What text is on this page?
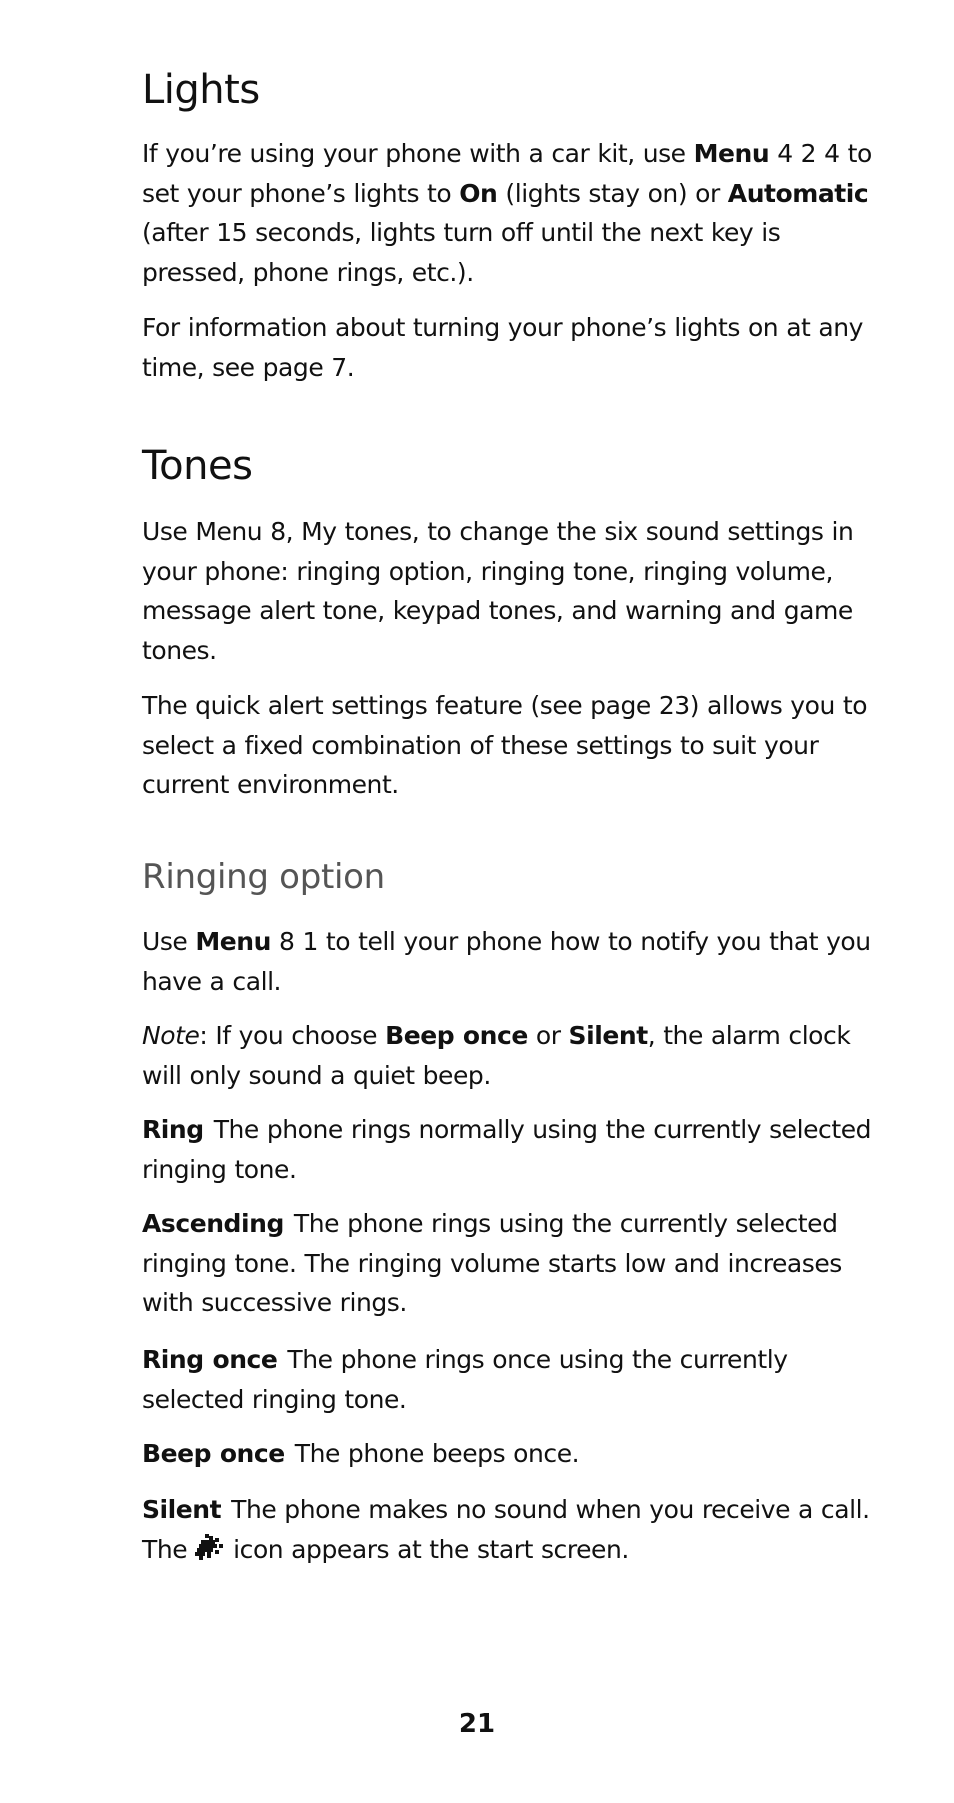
Lights

If you’re using your phone with a car kit, use Menu 4 2 4 to set your phone’s lights to On (lights stay on) or Automatic (after 15 seconds, lights turn off until the next key is pressed, phone rings, etc.).

For information about turning your phone’s lights on at any time, see page 7.

Tones

Use Menu 8, My tones, to change the six sound settings in your phone: ringing option, ringing tone, ringing volume, message alert tone, keypad tones, and warning and game tones.

The quick alert settings feature (see page 23) allows you to select a fixed combination of these settings to suit your current environment.

Ringing option

Use Menu 8 1 to tell your phone how to notify you that you have a call.

Note: If you choose Beep once or Silent, the alarm clock will only sound a quiet beep.

Ring The phone rings normally using the currently selected ringing tone.

Ascending The phone rings using the currently selected ringing tone. The ringing volume starts low and increases with successive rings.

Ring once The phone rings once using the currently selected ringing tone.

Beep once The phone beeps once.

Silent The phone makes no sound when you receive a call. The icon appears at the start screen.

21
